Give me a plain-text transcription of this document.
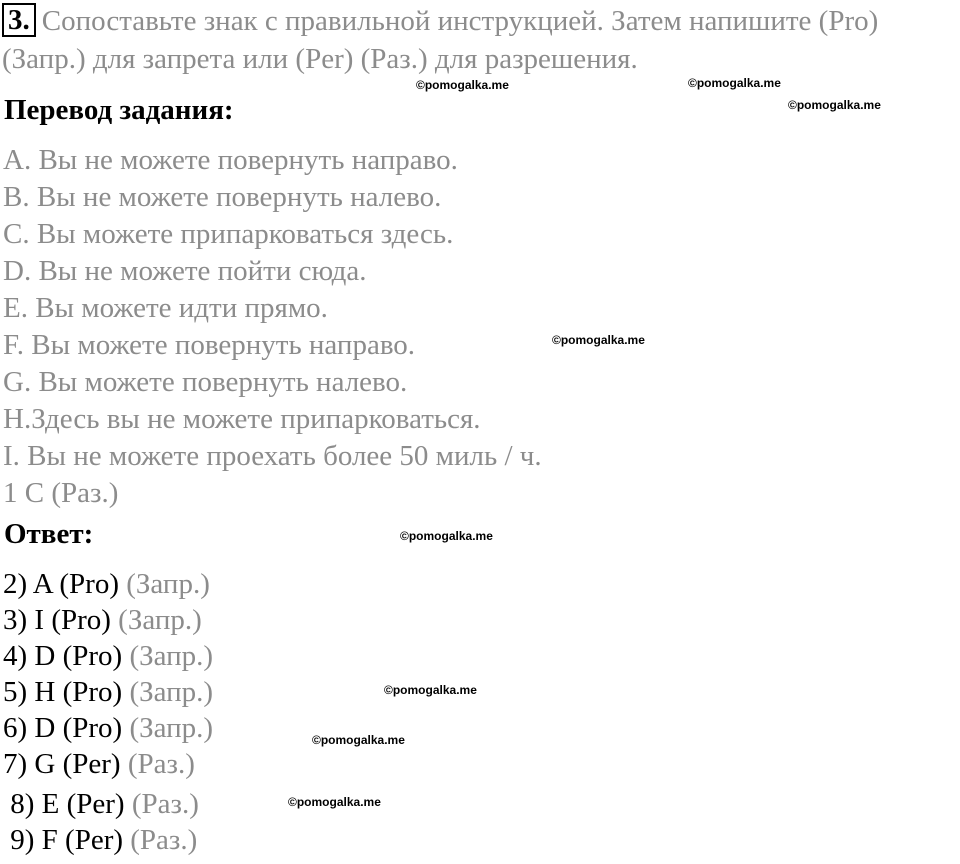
3. Сопоставьте знак с правильной инструкцией. Затем напишите (Pro) (Запр.) для запрета или (Per) (Раз.) для разрешения.
Перевод задания:
A. Вы не можете повернуть направо.
B. Вы не можете повернуть налево.
C. Вы можете припарковаться здесь.
D. Вы не можете пойти сюда.
E. Вы можете идти прямо.
F. Вы можете повернуть направо.
G. Вы можете повернуть налево.
H.Здесь вы не можете припарковаться.
I. Вы не можете проехать более 50 миль / ч.
1 C (Раз.)
Ответ:
2) A (Pro) (Запр.)
3) I (Pro) (Запр.)
4) D (Pro) (Запр.)
5) H (Pro) (Запр.)
6) D (Pro) (Запр.)
7) G (Per) (Раз.)
8) E (Per) (Раз.)
9) F (Per) (Раз.)
©pomogalka.me	©pomogalka.me
©pomogalka.me
©pomogalka.me
©pomogalka.me
©pomogalka.me
©pomogalka.me
©pomogalka.me
